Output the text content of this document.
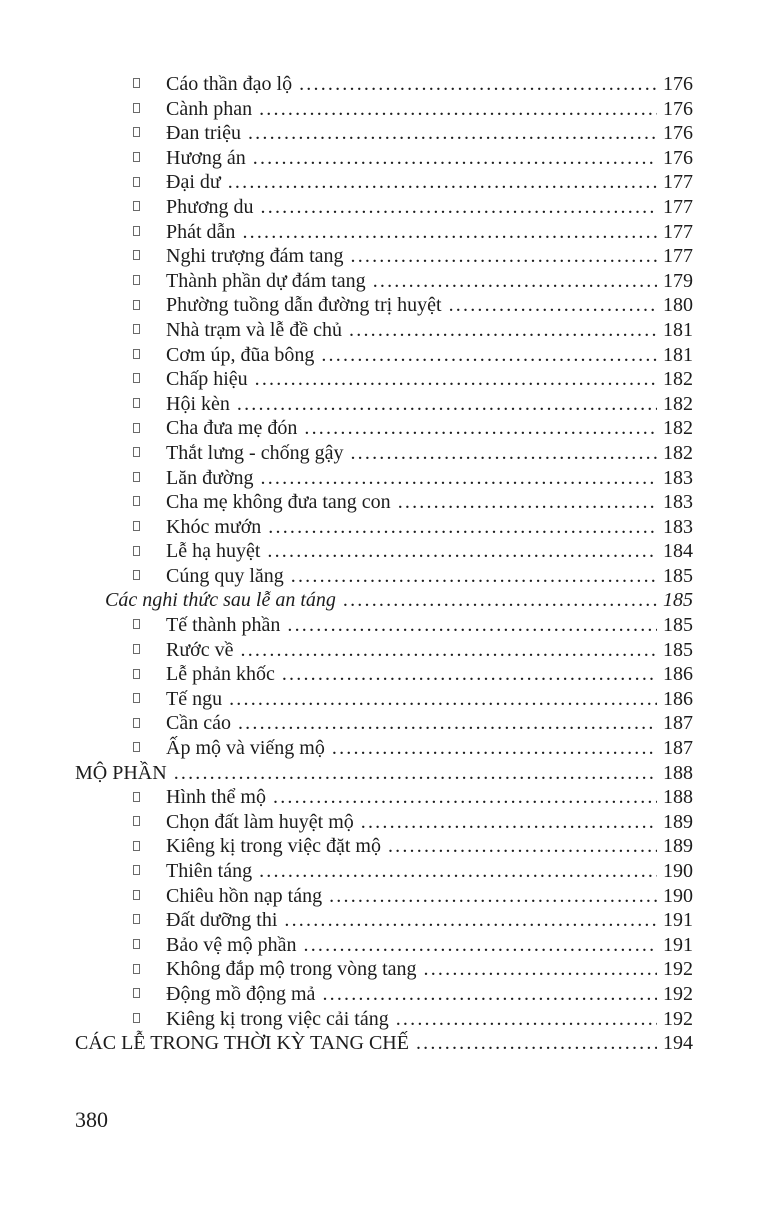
Cáo thần đạo lộ .....	176
Cành phan .....	176
Đan triệu .....	176
Hương án .....	176
Đại dư .....	177
Phương du .....	177
Phát dẫn .....	177
Nghi trượng đám tang .....	177
Thành phần dự đám tang .....	179
Phường tuồng dẫn đường trị huyệt .....	180
Nhà trạm và lễ đề chủ .....	181
Cơm úp, đũa bông .....	181
Chấp hiệu .....	182
Hội kèn .....	182
Cha đưa mẹ đón .....	182
Thắt lưng - chống gậy .....	182
Lăn đường .....	183
Cha mẹ không đưa tang con .....	183
Khóc mướn .....	183
Lễ hạ huyệt .....	184
Cúng quy lăng .....	185
Các nghi thức sau lễ an táng .....	185
Tế thành phần .....	185
Rước về .....	185
Lễ phản khốc .....	186
Tế ngu .....	186
Cần cáo .....	187
Ấp mộ và viếng mộ .....	187
MỘ PHẦN .....	188
Hình thể mộ .....	188
Chọn đất làm huyệt mộ .....	189
Kiêng kị trong việc đặt mộ .....	189
Thiên táng .....	190
Chiêu hồn nạp táng .....	190
Đất dưỡng thi .....	191
Bảo vệ mộ phần .....	191
Không đắp mộ trong vòng tang .....	192
Động mồ động mả .....	192
Kiêng kị trong việc cải táng .....	192
CÁC LỄ TRONG THỜI KỲ TANG CHẾ .....	194
380
